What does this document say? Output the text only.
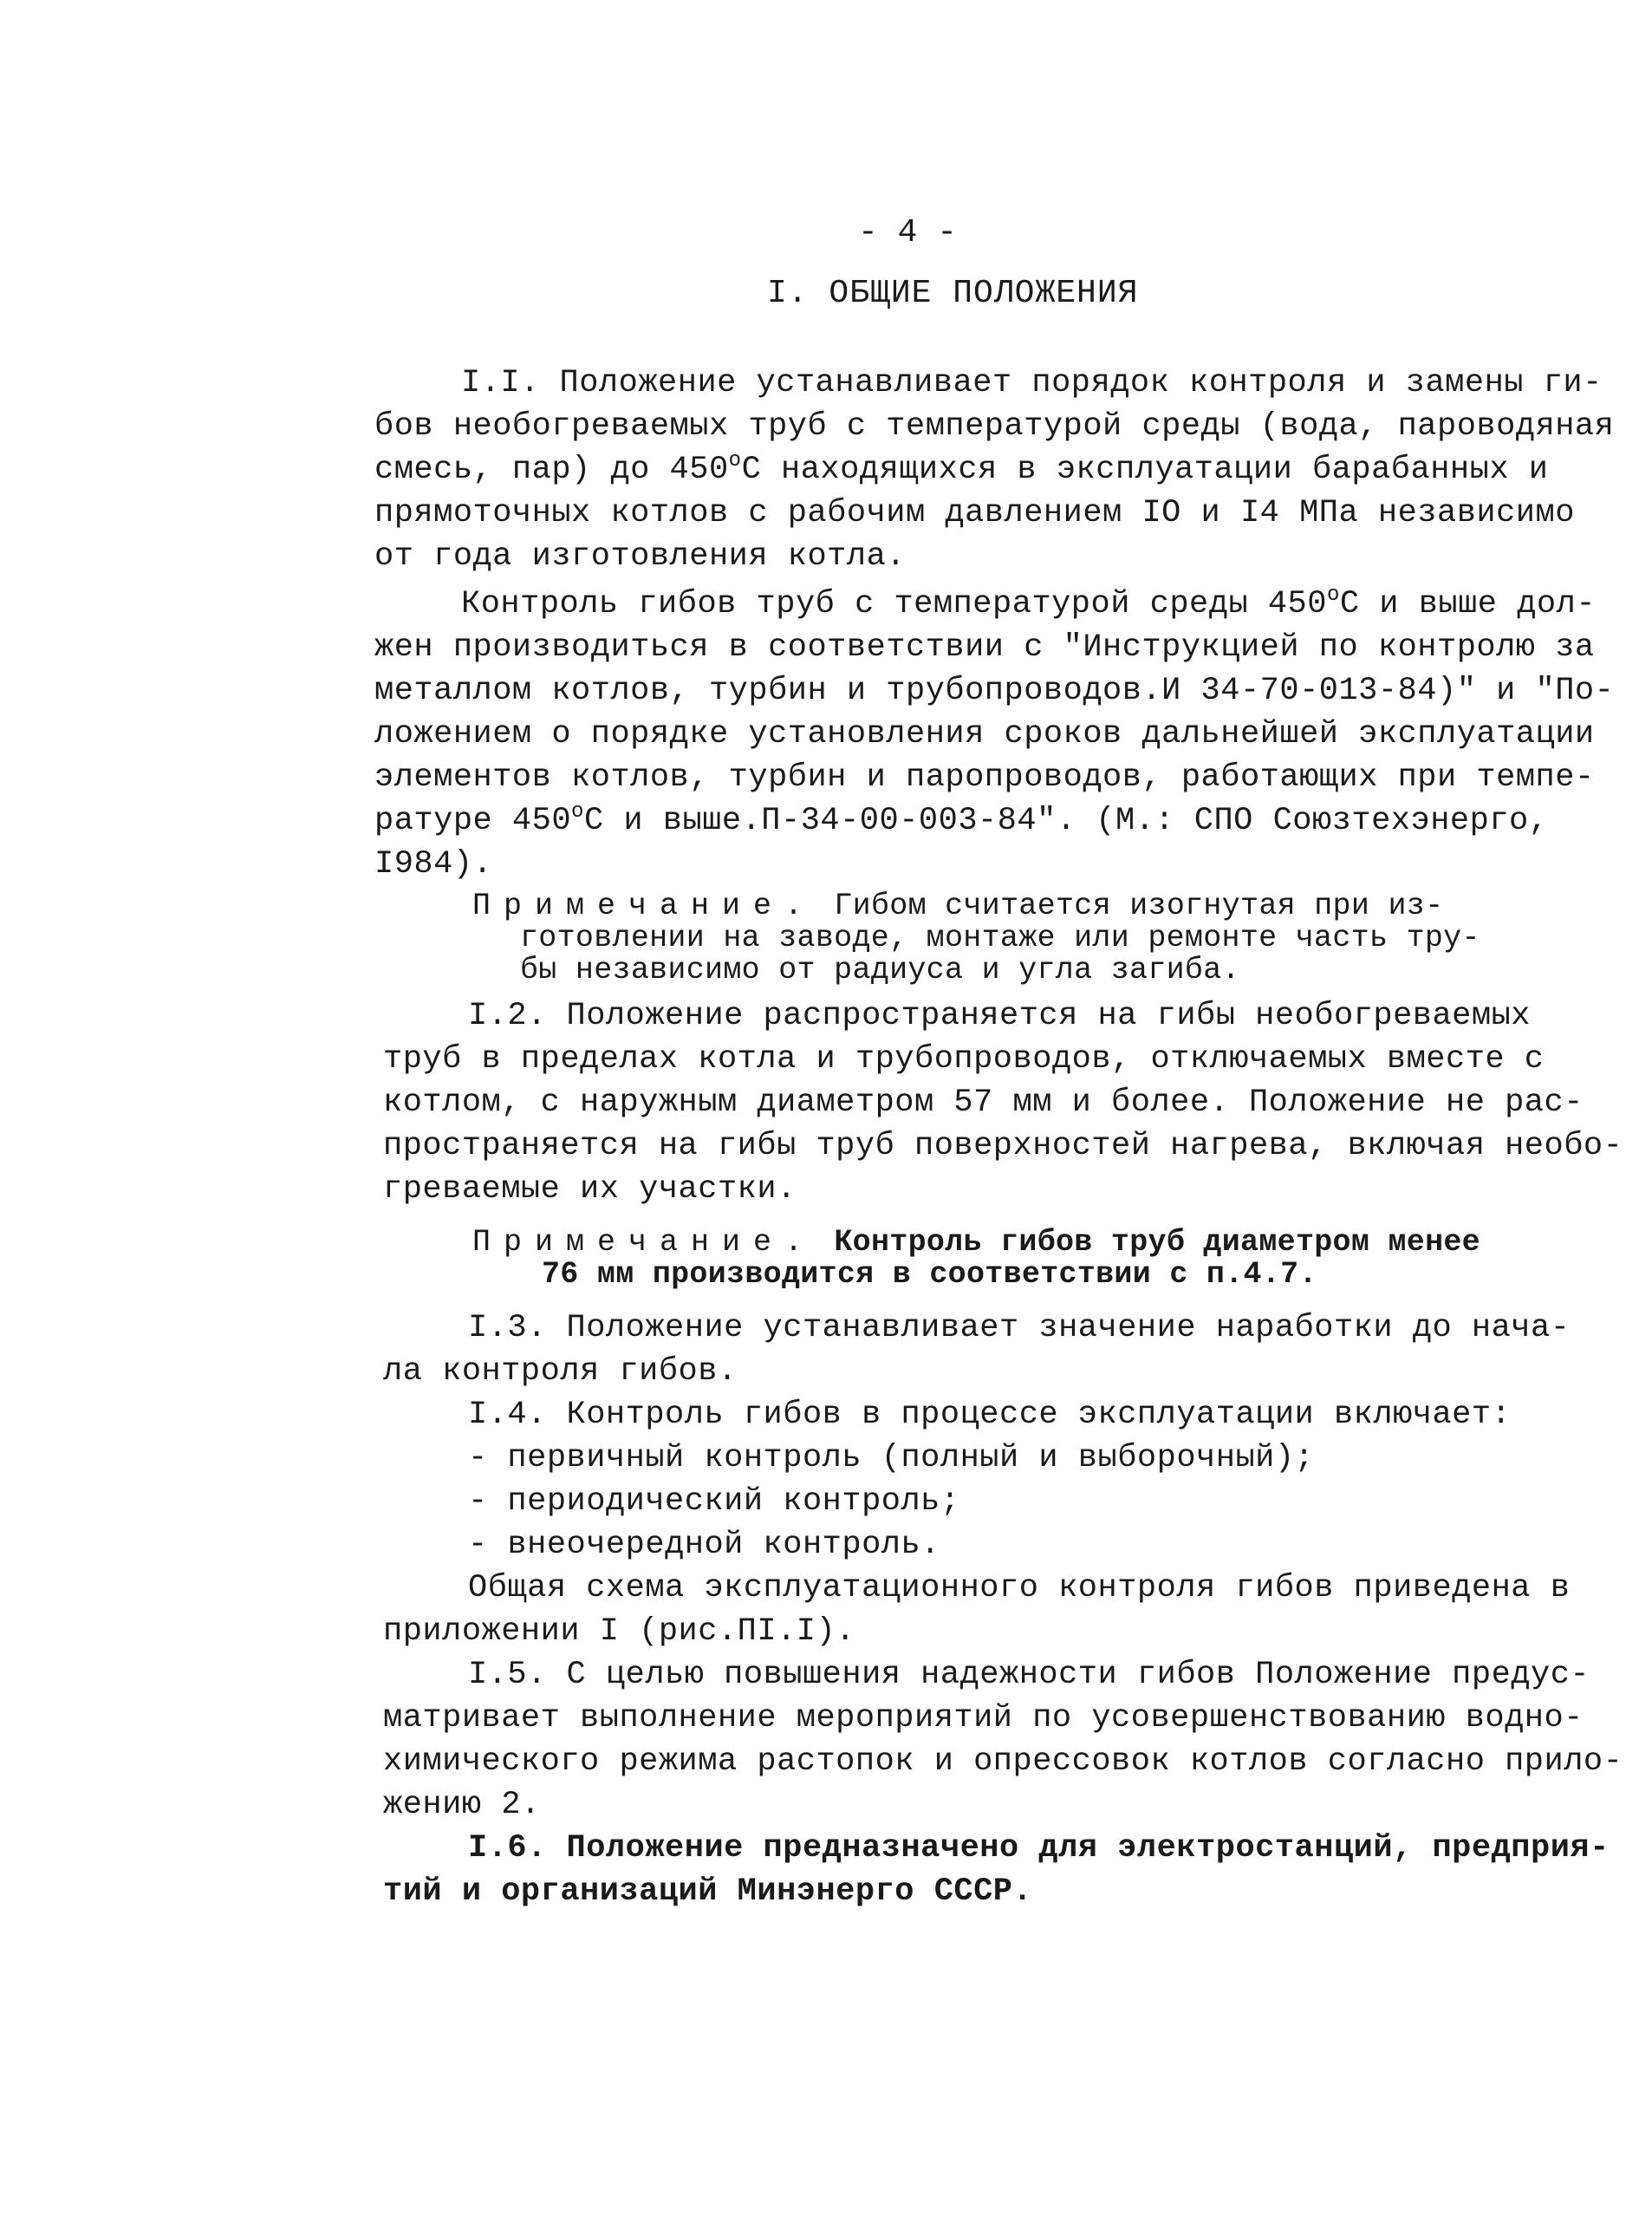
- 4 -
I. ОБЩИЕ ПОЛОЖЕНИЯ
I.I. Положение устанавливает порядок контроля и замены ги-
бов необогреваемых труб с температурой среды (вода, пароводяная
смесь, пар) до $450^оC$ находящихся в эксплуатации барабанных и
прямоточных котлов с рабочим давлением IO и I4 МПа независимо
от года изготовления котла.
Контроль гибов труб с температурой среды $450^оC$ и выше дол-
жен производиться в соответствии с "Инструкцией по контролю за
металлом котлов, турбин и трубопроводов.И 34-70-013-84)" и "По-
ложением о порядке установления сроков дальнейшей эксплуатации
элементов котлов, турбин и паропроводов, работающих при темпе-
ратуре $450^оC$ и выше.П-34-00-003-84". (М.: СПО Союзтехэнерго,
I984).
Примечание. Гибом считается изогнутая при из-
готовлении на заводе, монтаже или ремонте часть тру-
бы независимо от радиуса и угла загиба.
I.2. Положение распространяется на гибы необогреваемых
труб в пределах котла и трубопроводов, отключаемых вместе с
котлом, с наружным диаметром 57 мм и более. Положение не рас-
пространяется на гибы труб поверхностей нагрева, включая необо-
греваемые их участки.
Примечание. Контроль гибов труб диаметром менее
76 мм производится в соответствии с п.4.7.
I.3. Положение устанавливает значение наработки до нача-
ла контроля гибов.
I.4. Контроль гибов в процессе эксплуатации включает:
- первичный контроль (полный и выборочный);
- периодический контроль;
- внеочередной контроль.
Общая схема эксплуатационного контроля гибов приведена в
приложении I (рис.ПI.I).
I.5. С целью повышения надежности гибов Положение предус-
матривает выполнение мероприятий по усовершенствованию водно-
химического режима растопок и опрессовок котлов согласно прило-
жению 2.
I.6. Положение предназначено для электростанций, предприя-
тий и организаций Минэнерго СССР.
